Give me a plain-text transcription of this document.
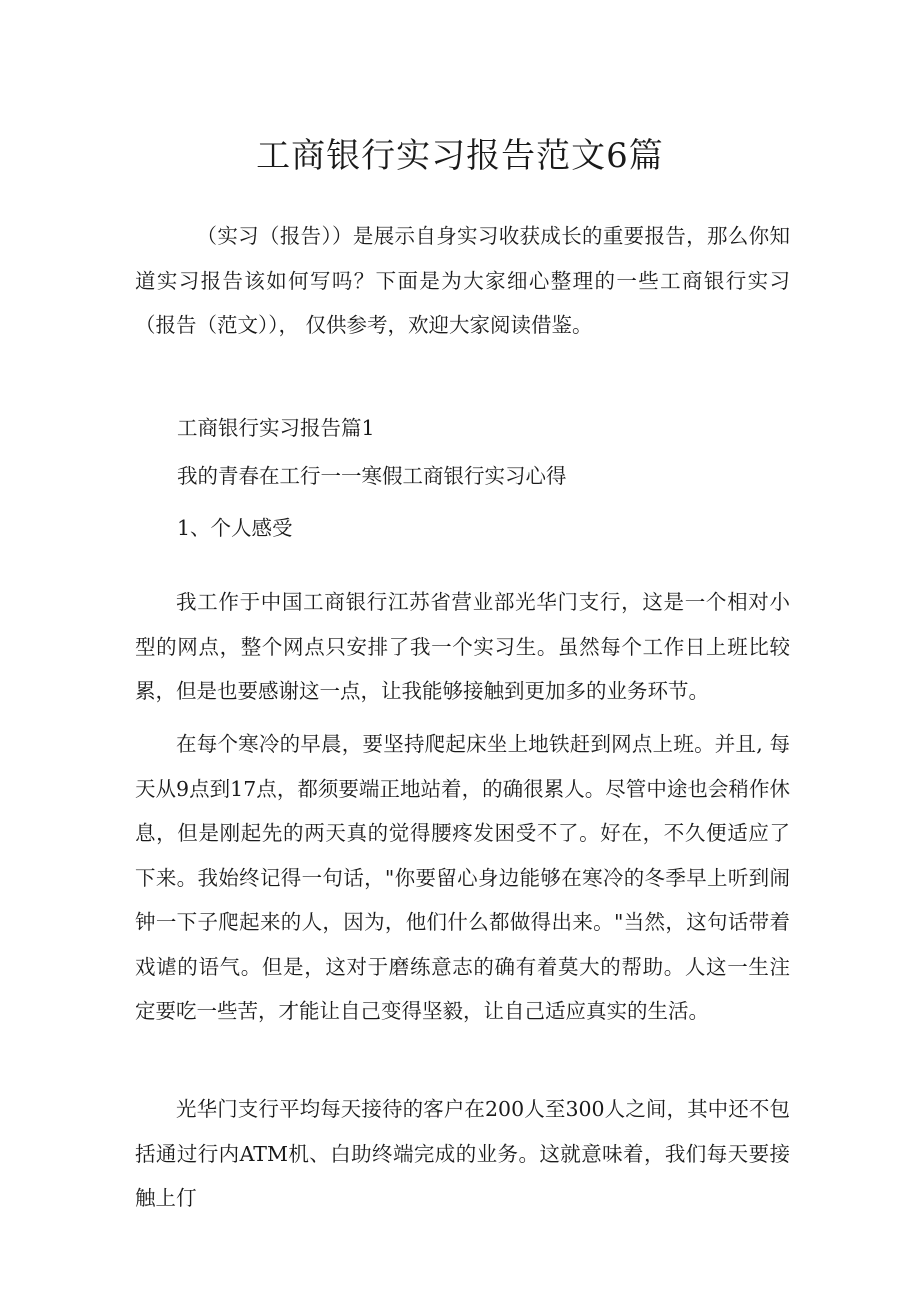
工商银行实习报告范文6篇

（实习（报告））是展示自身实习收获成长的重要报告，那么你知道实习报告该如何写吗？下面是为大家细心整理的一些工商银行实习（报告（范文））， 仅供参考，欢迎大家阅读借鉴。

工商银行实习报告篇1

我的青春在工行一一寒假工商银行实习心得

1、个人感受

我工作于中国工商银行江苏省营业部光华门支行，这是一个相对小型的网点，整个网点只安排了我一个实习生。虽然每个工作日上班比较累，但是也要感谢这一点，让我能够接触到更加多的业务环节。

在每个寒冷的早晨，要坚持爬起床坐上地铁赶到网点上班。并且, 每天从9点到17点，都须要端正地站着，的确很累人。尽管中途也会稍作休息，但是刚起先的两天真的觉得腰疼发困受不了。好在，不久便适应了下来。我始终记得一句话，"你要留心身边能够在寒冷的冬季早上听到闹钟一下子爬起来的人，因为，他们什么都做得出来。"当然，这句话带着戏谑的语气。但是，这对于磨练意志的确有着莫大的帮助。人这一生注定要吃一些苦，才能让自己变得坚毅，让自己适应真实的生活。

光华门支行平均每天接待的客户在200人至300人之间，其中还不包括通过行内ATM机、白助终端完成的业务。这就意味着，我们每天要接触上仃
